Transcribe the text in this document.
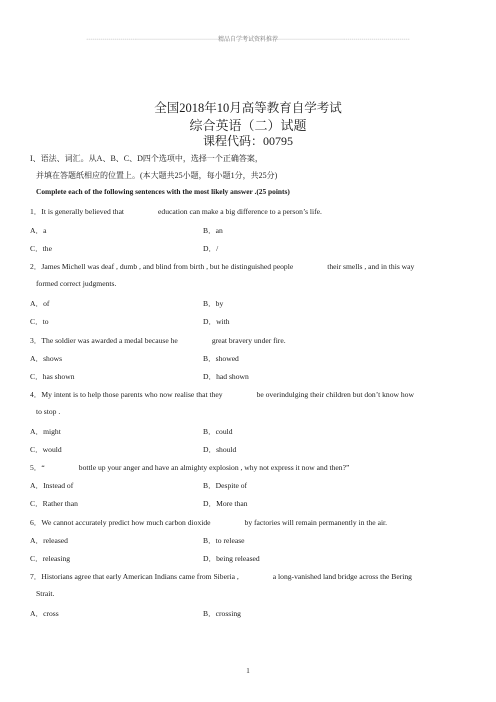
··································································精品自学考试资料推荐··································································
全国2018年10月高等教育自学考试
综合英语（二）试题
课程代码：00795
I、语法、词汇。从A、B、C、D四个选项中，选择一个正确答案，
并填在答题纸相应的位置上。(本大题共25小题，每小题1分，共25分)
Complete each of the following sentences with the most likely answer .(25 points)
1．It is generally believed that	education can make a big difference to a person’s life.
A．a	B．an
C．the	D．/
2．James Michell was deaf , dumb , and blind from birth , but he distinguished people	their smells , and in this way
formed correct judgments.
A．of	B．by
C．to	D．with
3．The soldier was awarded a medal because he	great bravery under fire.
A．shows	B．showed
C．has shown	D．had shown
4．My intent is to help those parents who now realise that they	be overindulging their children but don’t know how
to stop .
A．might	B．could
C．would	D．should
5．“	bottle up your anger and have an almighty explosion , why not express it now and then?”
A．Instead of	B．Despite of
C．Rather than	D．More than
6．We cannot accurately predict how much carbon dioxide	by factories will remain permanently in the air.
A．released	B．to release
C．releasing	D．being released
7．Historians agree that early American Indians came from Siberia ,	a long-vanished land bridge across the Bering
Strait.
A．cross	B．crossing
1
